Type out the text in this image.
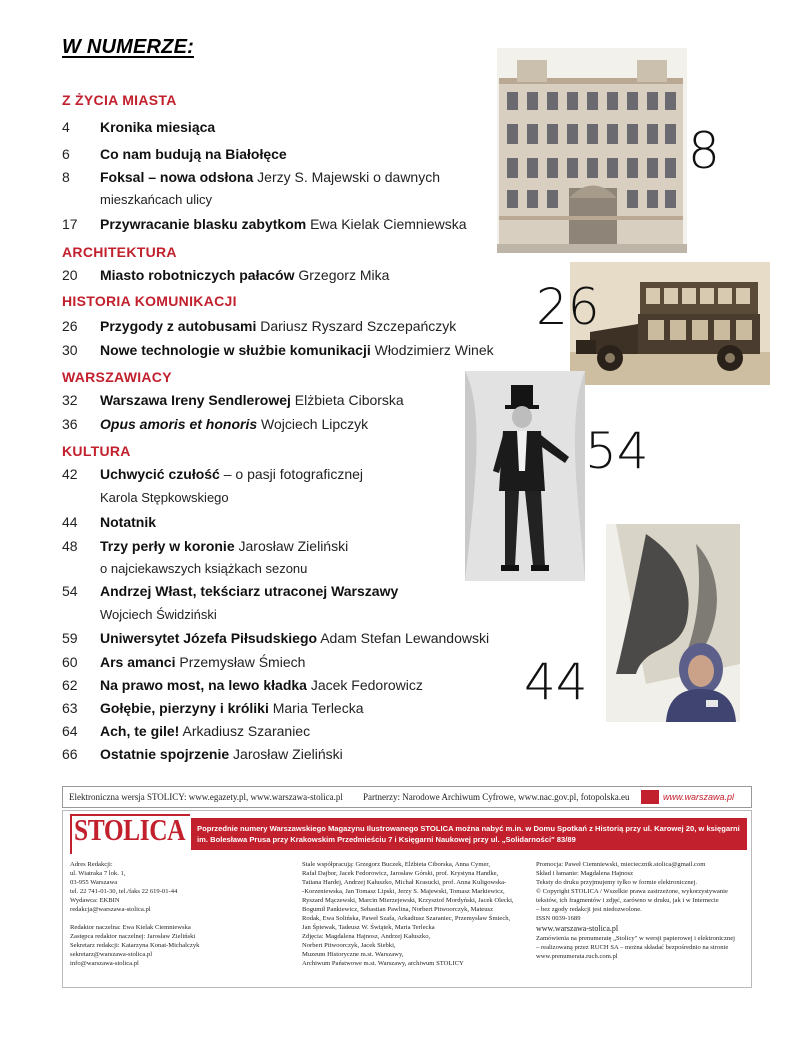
W NUMERZE:
Z ŻYCIA MIASTA
ARCHITEKTURA
HISTORIA KOMUNIKACJI
WARSZAWIACY
KULTURA
4 Kronika miesiąca
6 Co nam budują na Białołęce
8 Foksal – nowa odsłona Jerzy S. Majewski o dawnych
mieszkańcach ulicy
17 Przywracanie blasku zabytkom Ewa Kielak Ciemniewska
20 Miasto robotniczych pałaców Grzegorz Mika
26 Przygody z autobusami Dariusz Ryszard Szczepańczyk
30 Nowe technologie w służbie komunikacji Włodzimierz Winek
32 Warszawa Ireny Sendlerowej Elżbieta Ciborska
36 Opus amoris et honoris Wojciech Lipczyk
42 Uchwycić czułość – o pasji fotograficznej
Karola Stępkowskiego
44 Notatnik
48 Trzy perły w koronie Jarosław Zieliński
o najciekawszych książkach sezonu
54 Andrzej Włast, tekściarz utraconej Warszawy
Wojciech Świdziński
59 Uniwersytet Józefa Piłsudskiego Adam Stefan Lewandowski
60 Ars amanci Przemysław Śmiech
62 Na prawo most, na lewo kładka Jacek Fedorowicz
63 Gołębie, pierzyny i króliki Maria Terlecka
64 Ach, te gile! Arkadiusz Szaraniec
66 Ostatnie spojrzenie Jarosław Zieliński
8
26
54
44
Elektroniczna wersja STOLICY: www.egazety.pl, www.warszawa-stolica.pl Partnerzy: Narodowe Archiwum Cyfrowe, www.nac.gov.pl, fotopolska.eu	www.warszawa.pl
STOLICA	Poprzednie numery Warszawskiego Magazynu Ilustrowanego STOLICA można nabyć m.in. w Domu Spotkań z Historią przy ul. Karowej 20, w księgarni im. Bolesława Prusa przy Krakowskim Przedmieściu 7 i Księgarni Naukowej przy ul. „Solidarności" 83/89
Adres Redakcji:
ul. Wiatraka 7 lok. 1,
03-955 Warszawa
tel. 22 741-01-30, tel./faks 22 619-01-44
Wydawca: EKBIN
redakcja@warszawa-stolica.pl
Redaktor naczelna: Ewa Kielak Ciemniewska
Zastępca redaktor naczelnej: Jarosław Zieliński
Sekretarz redakcji: Katarzyna Konat-Michalczyk
sekretarz@warszawa-stolica.pl
info@warszawa-stolica.pl
Stale współpracują: Grzegorz Buczek, Elżbieta Ciborska, Anna Cymer,
Rafał Dajbor, Jacek Fedorowicz, Jarosław Górski, prof. Krystyna Handke,
Tatiana Hardej, Andrzej Kałuszko, Michał Krasucki, prof. Anna Kuligowska-
-Korzeniewska, Jan Tomasz Lipski, Jerzy S. Majewski, Tomasz Markiewicz,
Ryszard Mączewski, Marcin Mierzejewski, Krzysztof Mordyński, Jacek Olecki,
Bogumił Pankiewicz, Sebastian Pawlina, Norbert Pitwoorczyk, Mateusz
Rodak, Ewa Solińska, Paweł Szafa, Arkadiusz Szaraniec, Przemysław Śmiech,
Jan Śpiewak, Tadeusz W. Świątek, Maria Terlecka
Zdjęcia: Magdalena Hajnosz, Andrzej Kałuszko,
Norbert Pitwoorczyk, Jacek Siebki,
Muzeum Historyczne m.st. Warszawy,
Archiwum Państwowe m.st. Warszawy, archiwum STOLICY
Promocja: Paweł Ciemniewski, mieciecznik.stolica@gmail.com
Skład i łamanie: Magdalena Hajnosz
Teksty do druku przyjmujemy tylko w formie elektronicznej.
© Copyright STOLICA / Wszelkie prawa zastrzeżone, wykorzystywanie
tekstów, ich fragmentów i zdjęć, zarówno w druku, jak i w Internecie
– bez zgody redakcji jest niedozwolone.
ISSN 0039-1689
www.warszawa-stolica.pl
Zamówienia na prenumeratę „Stolicy" w wersji papierowej i elektronicznej
– realizowaną przez RUCH SA – można składać bezpośrednio na stronie
www.prenumerata.ruch.com.pl
